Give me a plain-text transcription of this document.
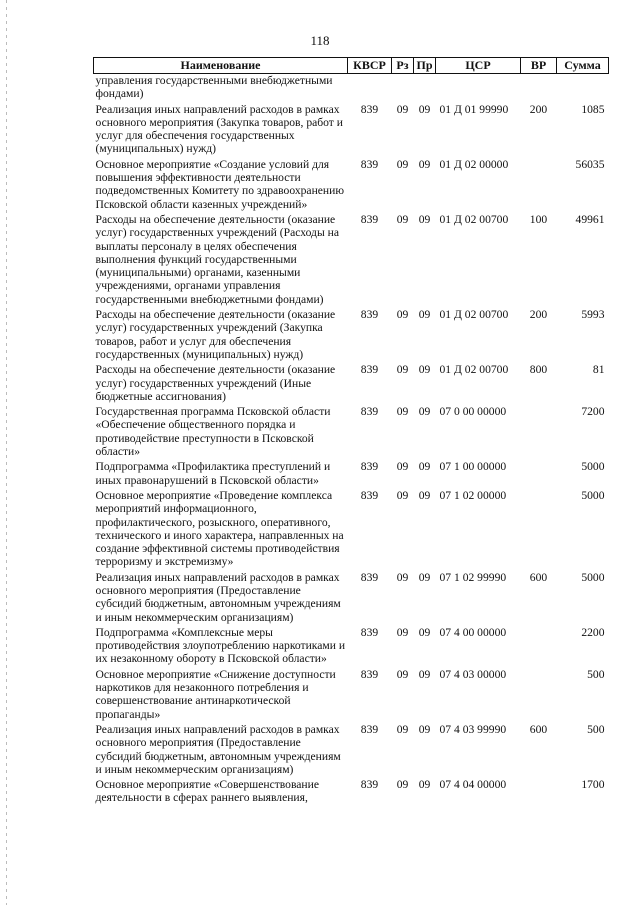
118
Наименование	КВСР	Рз	Пр	ЦСР	ВР	Сумма
управления государственными внебюджетными фондами)						
Реализация иных направлений расходов в рамках основного мероприятия (Закупка товаров, работ и услуг для обеспечения государственных (муниципальных) нужд)	839	09	09	01 Д 01 99990	200	1085
Основное мероприятие «Создание условий для повышения эффективности деятельности подведомственных Комитету по здравоохранению Псковской области казенных учреждений»	839	09	09	01 Д 02 00000		56035
Расходы на обеспечение деятельности (оказание услуг) государственных учреждений (Расходы на выплаты персоналу в целях обеспечения выполнения функций государственными (муниципальными) органами, казенными учреждениями, органами управления государственными внебюджетными фондами)	839	09	09	01 Д 02 00700	100	49961
Расходы на обеспечение деятельности (оказание услуг) государственных учреждений (Закупка товаров, работ и услуг для обеспечения государственных (муниципальных) нужд)	839	09	09	01 Д 02 00700	200	5993
Расходы на обеспечение деятельности (оказание услуг) государственных учреждений (Иные бюджетные ассигнования)	839	09	09	01 Д 02 00700	800	81
Государственная программа Псковской области «Обеспечение общественного порядка и противодействие преступности в Псковской области»	839	09	09	07 0 00 00000		7200
Подпрограмма «Профилактика преступлений и иных правонарушений в Псковской области»	839	09	09	07 1 00 00000		5000
Основное мероприятие «Проведение комплекса мероприятий информационного, профилактического, розыскного, оперативного, технического и иного характера, направленных на создание эффективной системы противодействия терроризму и экстремизму»	839	09	09	07 1 02 00000		5000
Реализация иных направлений расходов в рамках основного мероприятия (Предоставление субсидий бюджетным, автономным учреждениям и иным некоммерческим организациям)	839	09	09	07 1 02 99990	600	5000
Подпрограмма «Комплексные меры противодействия злоупотреблению наркотиками и их незаконному обороту в Псковской области»	839	09	09	07 4 00 00000		2200
Основное мероприятие «Снижение доступности наркотиков для незаконного потребления и совершенствование антинаркотической пропаганды»	839	09	09	07 4 03 00000		500
Реализация иных направлений расходов в рамках основного мероприятия (Предоставление субсидий бюджетным, автономным учреждениям и иным некоммерческим организациям)	839	09	09	07 4 03 99990	600	500
Основное мероприятие «Совершенствование деятельности в сферах раннего выявления,	839	09	09	07 4 04 00000		1700
